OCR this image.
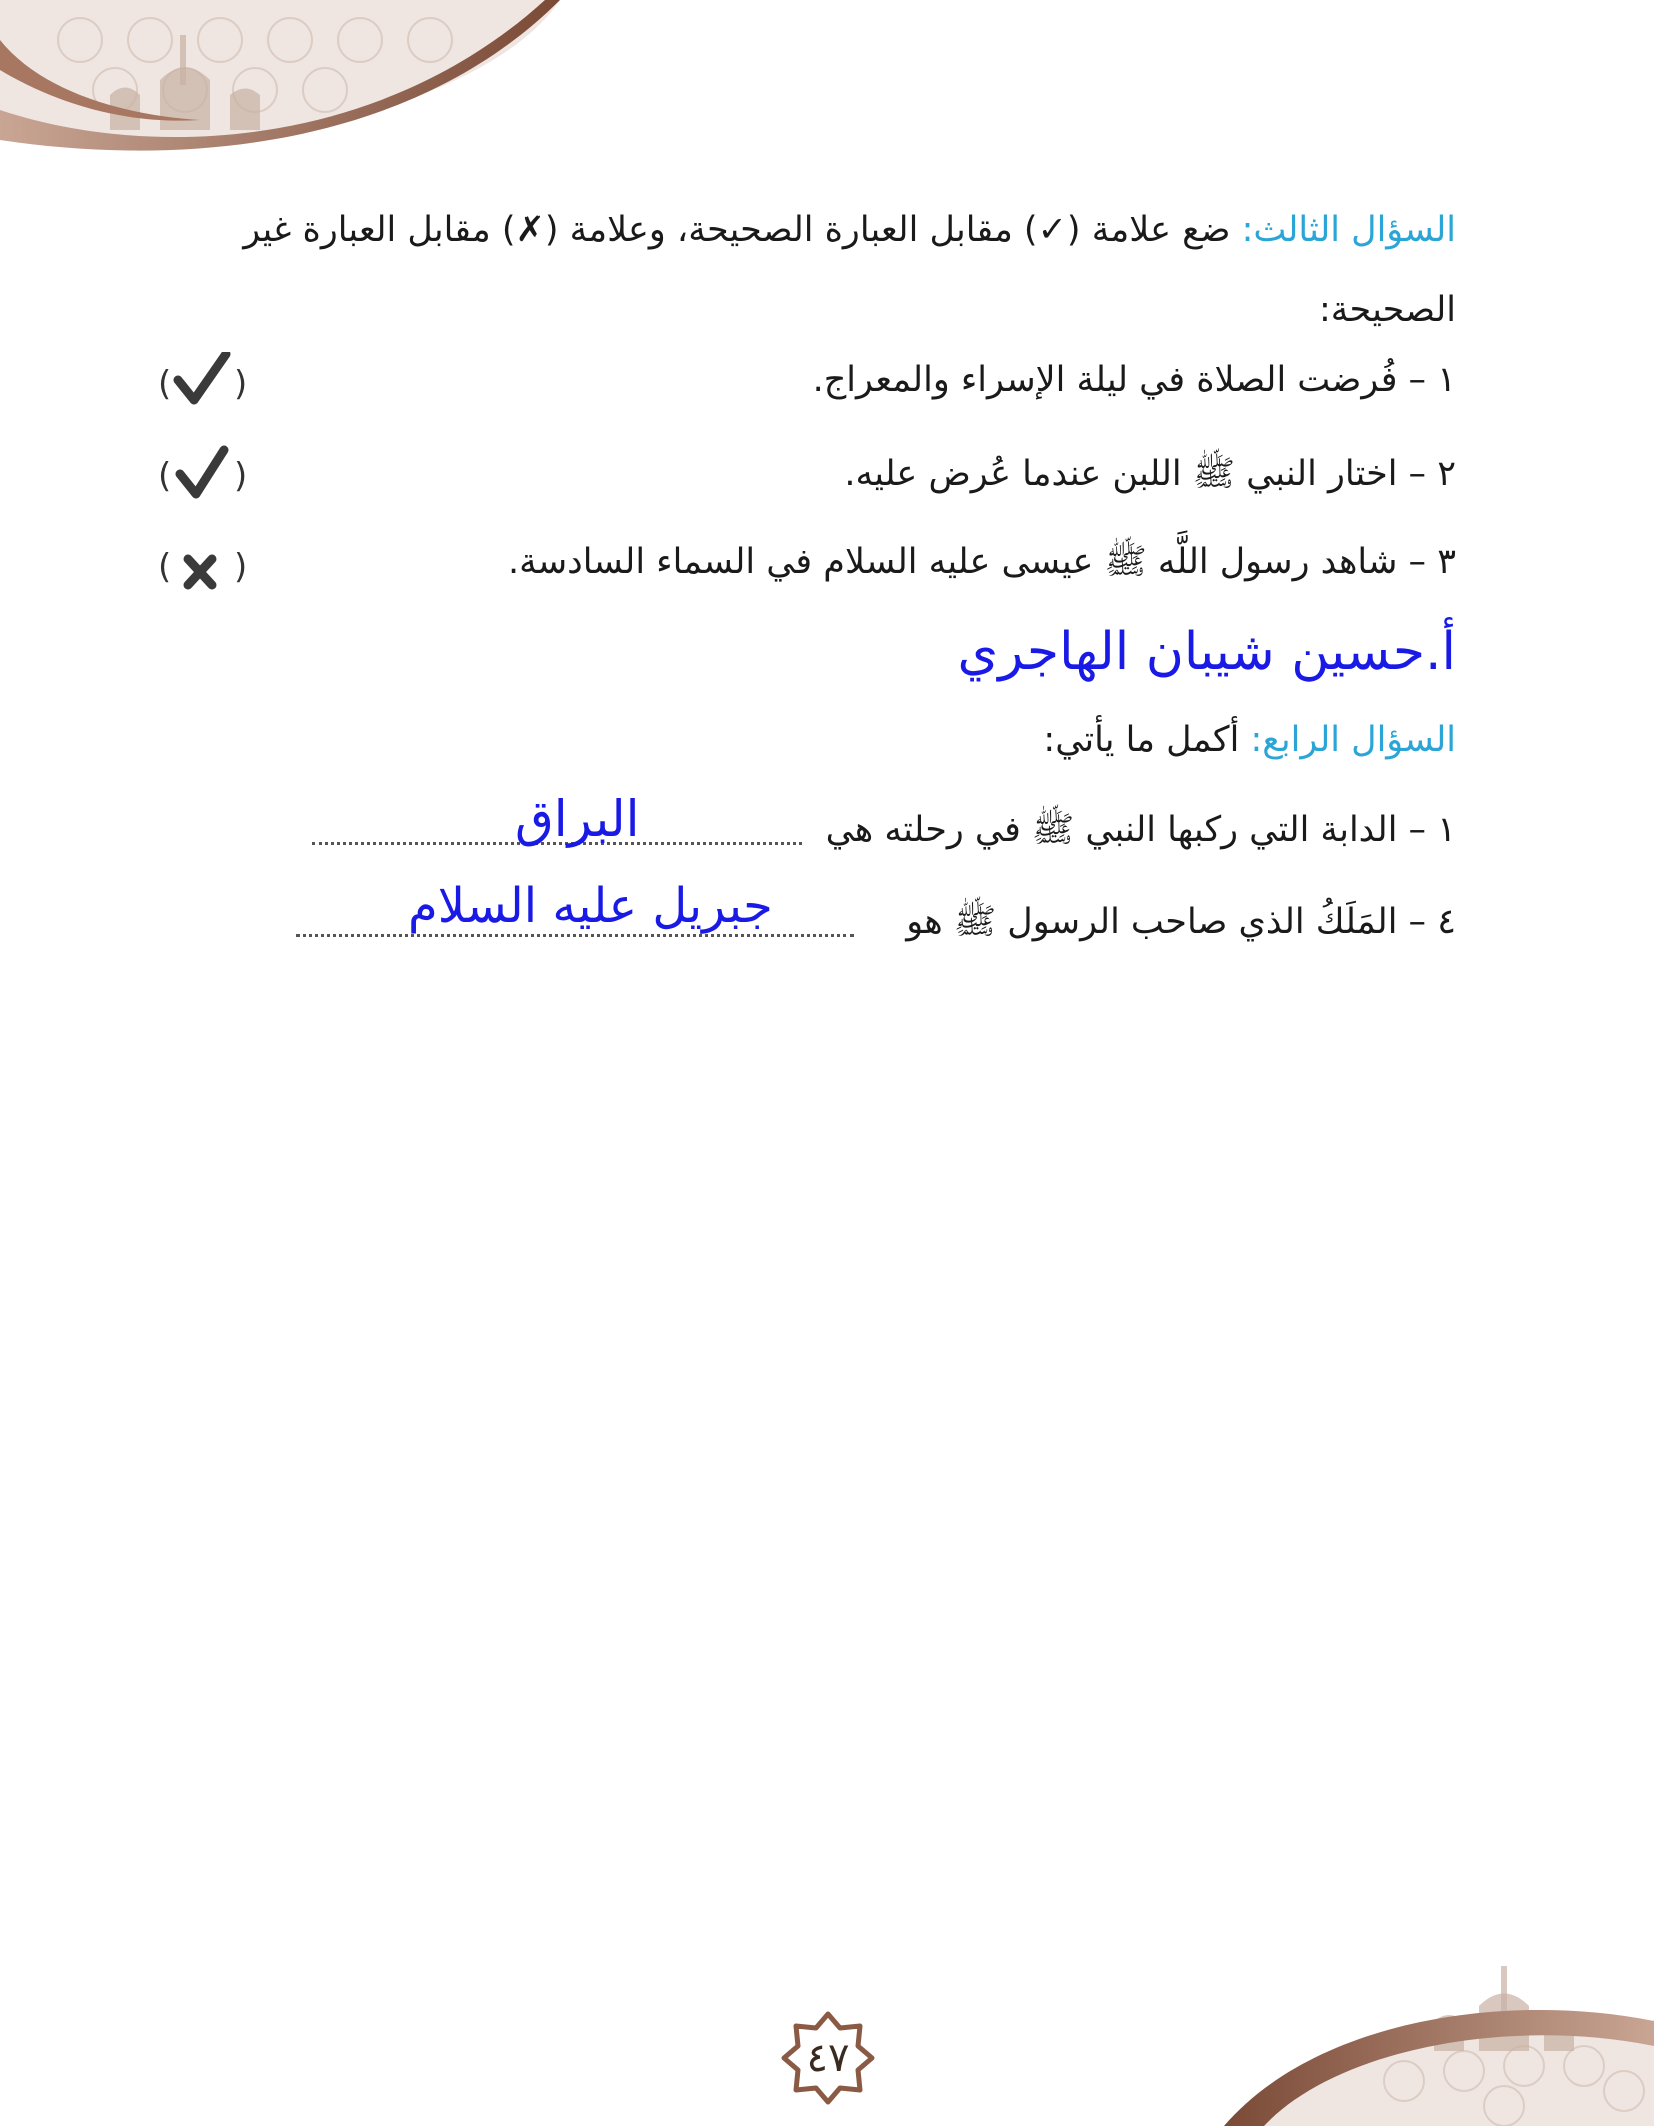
السؤال الثالث: ضع علامة (✓) مقابل العبارة الصحيحة، وعلامة (✗) مقابل العبارة غير الصحيحة:
١ – فُرضت الصلاة في ليلة الإسراء والمعراج.
( )
٢ – اختار النبي ﷺ اللبن عندما عُرض عليه.
( )
٣ – شاهد رسول اللَّه ﷺ عيسى عليه السلام في السماء السادسة.
( )
أ.حسين شيبان الهاجري
السؤال الرابع: أكمل ما يأتي:
١ – الدابة التي ركبها النبي ﷺ في رحلته هي
البراق
٤ – المَلَكُ الذي صاحب الرسول ﷺ هو
جبريل عليه السلام
٤٧
